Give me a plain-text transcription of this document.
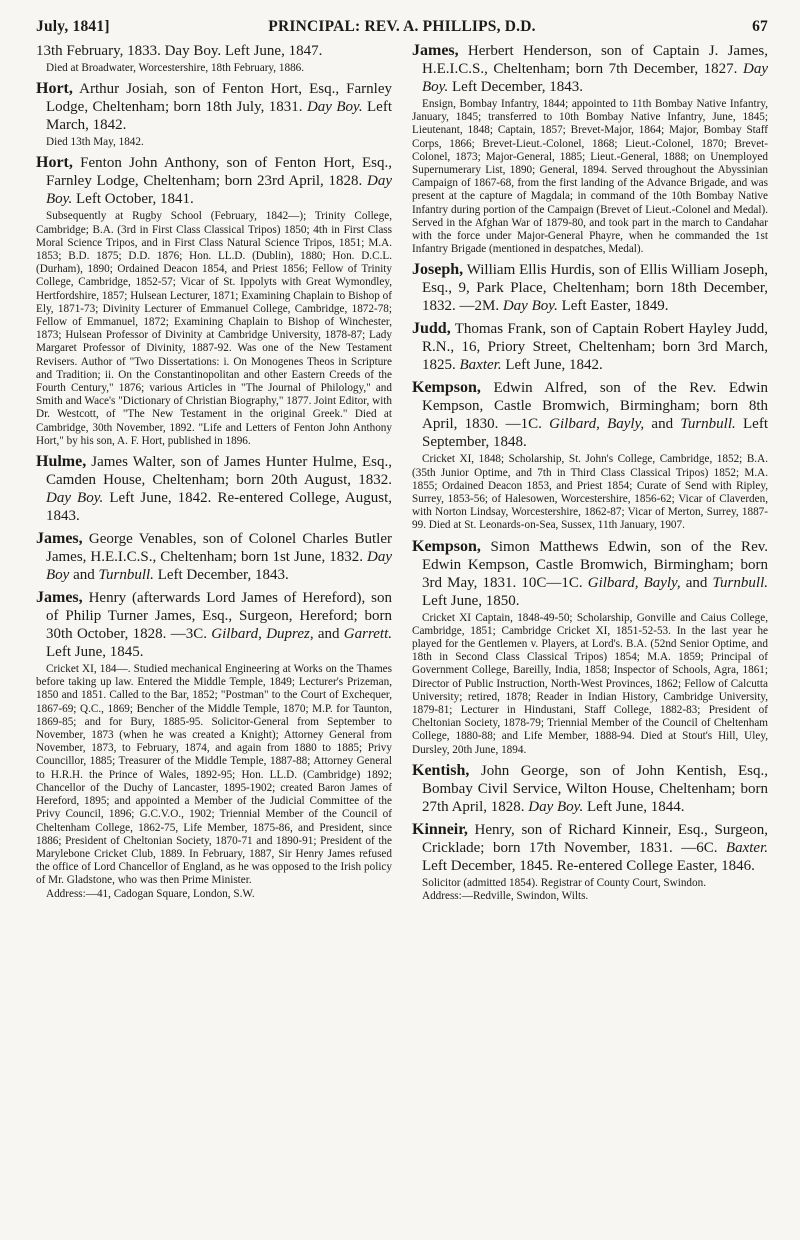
July, 1841]	PRINCIPAL: REV. A. PHILLIPS, D.D.	67

13th February, 1833. Day Boy. Left June, 1847.

Died at Broadwater, Worcestershire, 18th February, 1886.

Hort, Arthur Josiah, son of Fenton Hort, Esq., Farnley Lodge, Cheltenham; born 18th July, 1831. Day Boy. Left March, 1842.

Died 13th May, 1842.

Hort, Fenton John Anthony, son of Fenton Hort, Esq., Farnley Lodge, Cheltenham; born 23rd April, 1828. Day Boy. Left October, 1841.

Subsequently at Rugby School (February, 1842—); Trinity College, Cambridge; B.A. (3rd in First Class Classical Tripos) 1850; 4th in First Class Moral Science Tripos, and in First Class Natural Science Tripos, 1851; M.A. 1853; B.D. 1875; D.D. 1876; Hon. LL.D. (Dublin), 1880; Hon. D.C.L. (Durham), 1890; Ordained Deacon 1854, and Priest 1856; Fellow of Trinity College, Cambridge, 1852-57; Vicar of St. Ippolyts with Great Wymondley, Hertfordshire, 1857; Hulsean Lecturer, 1871; Examining Chaplain to Bishop of Ely, 1871-73; Divinity Lecturer of Emmanuel College, Cambridge, 1872-78; Fellow of Emmanuel, 1872; Examining Chaplain to Bishop of Winchester, 1873; Hulsean Professor of Divinity at Cambridge University, 1878-87; Lady Margaret Professor of Divinity, 1887-92. Was one of the New Testament Revisers. Author of "Two Dissertations: i. On Monogenes Theos in Scripture and Tradition; ii. On the Constantinopolitan and other Eastern Creeds of the Fourth Century," 1876; various Articles in "The Journal of Philology," and Smith and Wace's "Dictionary of Christian Biography," 1877. Joint Editor, with Dr. Westcott, of "The New Testament in the original Greek." Died at Cambridge, 30th November, 1892. "Life and Letters of Fenton John Anthony Hort," by his son, A. F. Hort, published in 1896.

Hulme, James Walter, son of James Hunter Hulme, Esq., Camden House, Cheltenham; born 20th August, 1832. Day Boy. Left June, 1842. Re-entered College, August, 1843.

James, George Venables, son of Colonel Charles Butler James, H.E.I.C.S., Cheltenham; born 1st June, 1832. Day Boy and Turnbull. Left December, 1843.

James, Henry (afterwards Lord James of Hereford), son of Philip Turner James, Esq., Surgeon, Hereford; born 30th October, 1828. —3C. Gilbard, Duprez, and Garrett. Left June, 1845.

Cricket XI, 184—. Studied mechanical Engineering at Works on the Thames before taking up law. Entered the Middle Temple, 1849; Lecturer's Prizeman, 1850 and 1851. Called to the Bar, 1852; "Postman" to the Court of Exchequer, 1867-69; Q.C., 1869; Bencher of the Middle Temple, 1870; M.P. for Taunton, 1869-85; and for Bury, 1885-95. Solicitor-General from September to November, 1873 (when he was created a Knight); Attorney General from November, 1873, to February, 1874, and again from 1880 to 1885; Privy Councillor, 1885; Treasurer of the Middle Temple, 1887-88; Attorney General to H.R.H. the Prince of Wales, 1892-95; Hon. LL.D. (Cambridge) 1892; Chancellor of the Duchy of Lancaster, 1895-1902; created Baron James of Hereford, 1895; and appointed a Member of the Judicial Committee of the Privy Council, 1896; G.C.V.O., 1902; Triennial Member of the Council of Cheltenham College, 1862-75, Life Member, 1875-86, and President, since 1886; President of Cheltonian Society, 1870-71 and 1890-91; President of the Marylebone Cricket Club, 1889. In February, 1887, Sir Henry James refused the office of Lord Chancellor of England, as he was opposed to the Irish policy of Mr. Gladstone, who was then Prime Minister.

Address:—41, Cadogan Square, London, S.W.

James, Herbert Henderson, son of Captain J. James, H.E.I.C.S., Cheltenham; born 7th December, 1827. Day Boy. Left December, 1843.

Ensign, Bombay Infantry, 1844; appointed to 11th Bombay Native Infantry, January, 1845; transferred to 10th Bombay Native Infantry, June, 1845; Lieutenant, 1848; Captain, 1857; Brevet-Major, 1864; Major, Bombay Staff Corps, 1866; Brevet-Lieut.-Colonel, 1868; Lieut.-Colonel, 1870; Brevet-Colonel, 1873; Major-General, 1885; Lieut.-General, 1888; on Unemployed Supernumerary List, 1890; General, 1894. Served throughout the Abyssinian Campaign of 1867-68, from the first landing of the Advance Brigade, and was present at the capture of Magdala; in command of the 10th Bombay Native Infantry during portion of the Campaign (Brevet of Lieut.-Colonel and Medal). Served in the Afghan War of 1879-80, and took part in the march to Candahar with the force under Major-General Phayre, when he commanded the 1st Infantry Brigade (mentioned in despatches, Medal).

Joseph, William Ellis Hurdis, son of Ellis William Joseph, Esq., 9, Park Place, Cheltenham; born 18th December, 1832. —2M. Day Boy. Left Easter, 1849.

Judd, Thomas Frank, son of Captain Robert Hayley Judd, R.N., 16, Priory Street, Cheltenham; born 3rd March, 1825. Baxter. Left June, 1842.

Kempson, Edwin Alfred, son of the Rev. Edwin Kempson, Castle Bromwich, Birmingham; born 8th April, 1830. —1C. Gilbard, Bayly, and Turnbull. Left September, 1848.

Cricket XI, 1848; Scholarship, St. John's College, Cambridge, 1852; B.A. (35th Junior Optime, and 7th in Third Class Classical Tripos) 1852; M.A. 1855; Ordained Deacon 1853, and Priest 1854; Curate of Send with Ripley, Surrey, 1853-56; of Halesowen, Worcestershire, 1856-62; Vicar of Claverden, with Norton Lindsay, Worcestershire, 1862-87; Vicar of Merton, Surrey, 1887-99. Died at St. Leonards-on-Sea, Sussex, 11th January, 1907.

Kempson, Simon Matthews Edwin, son of the Rev. Edwin Kempson, Castle Bromwich, Birmingham; born 3rd May, 1831. 10C—1C. Gilbard, Bayly, and Turnbull. Left June, 1850.

Cricket XI Captain, 1848-49-50; Scholarship, Gonville and Caius College, Cambridge, 1851; Cambridge Cricket XI, 1851-52-53. In the last year he played for the Gentlemen v. Players, at Lord's. B.A. (52nd Senior Optime, and 18th in Second Class Classical Tripos) 1854; M.A. 1859; Principal of Government College, Bareilly, India, 1858; Inspector of Schools, Agra, 1861; Director of Public Instruction, North-West Provinces, 1862; Fellow of Calcutta University; retired, 1878; Reader in Indian History, Cambridge University, 1879-81; Lecturer in Hindustani, Staff College, 1882-83; President of Cheltonian Society, 1878-79; Triennial Member of the Council of Cheltenham College, 1880-88; and Life Member, 1888-94. Died at Stout's Hill, Uley, Dursley, 20th June, 1894.

Kentish, John George, son of John Kentish, Esq., Bombay Civil Service, Wilton House, Cheltenham; born 27th April, 1828. Day Boy. Left June, 1844.

Kinneir, Henry, son of Richard Kinneir, Esq., Surgeon, Cricklade; born 17th November, 1831. —6C. Baxter. Left December, 1845. Re-entered College Easter, 1846.

Solicitor (admitted 1854). Registrar of County Court, Swindon.

Address:—Redville, Swindon, Wilts.
